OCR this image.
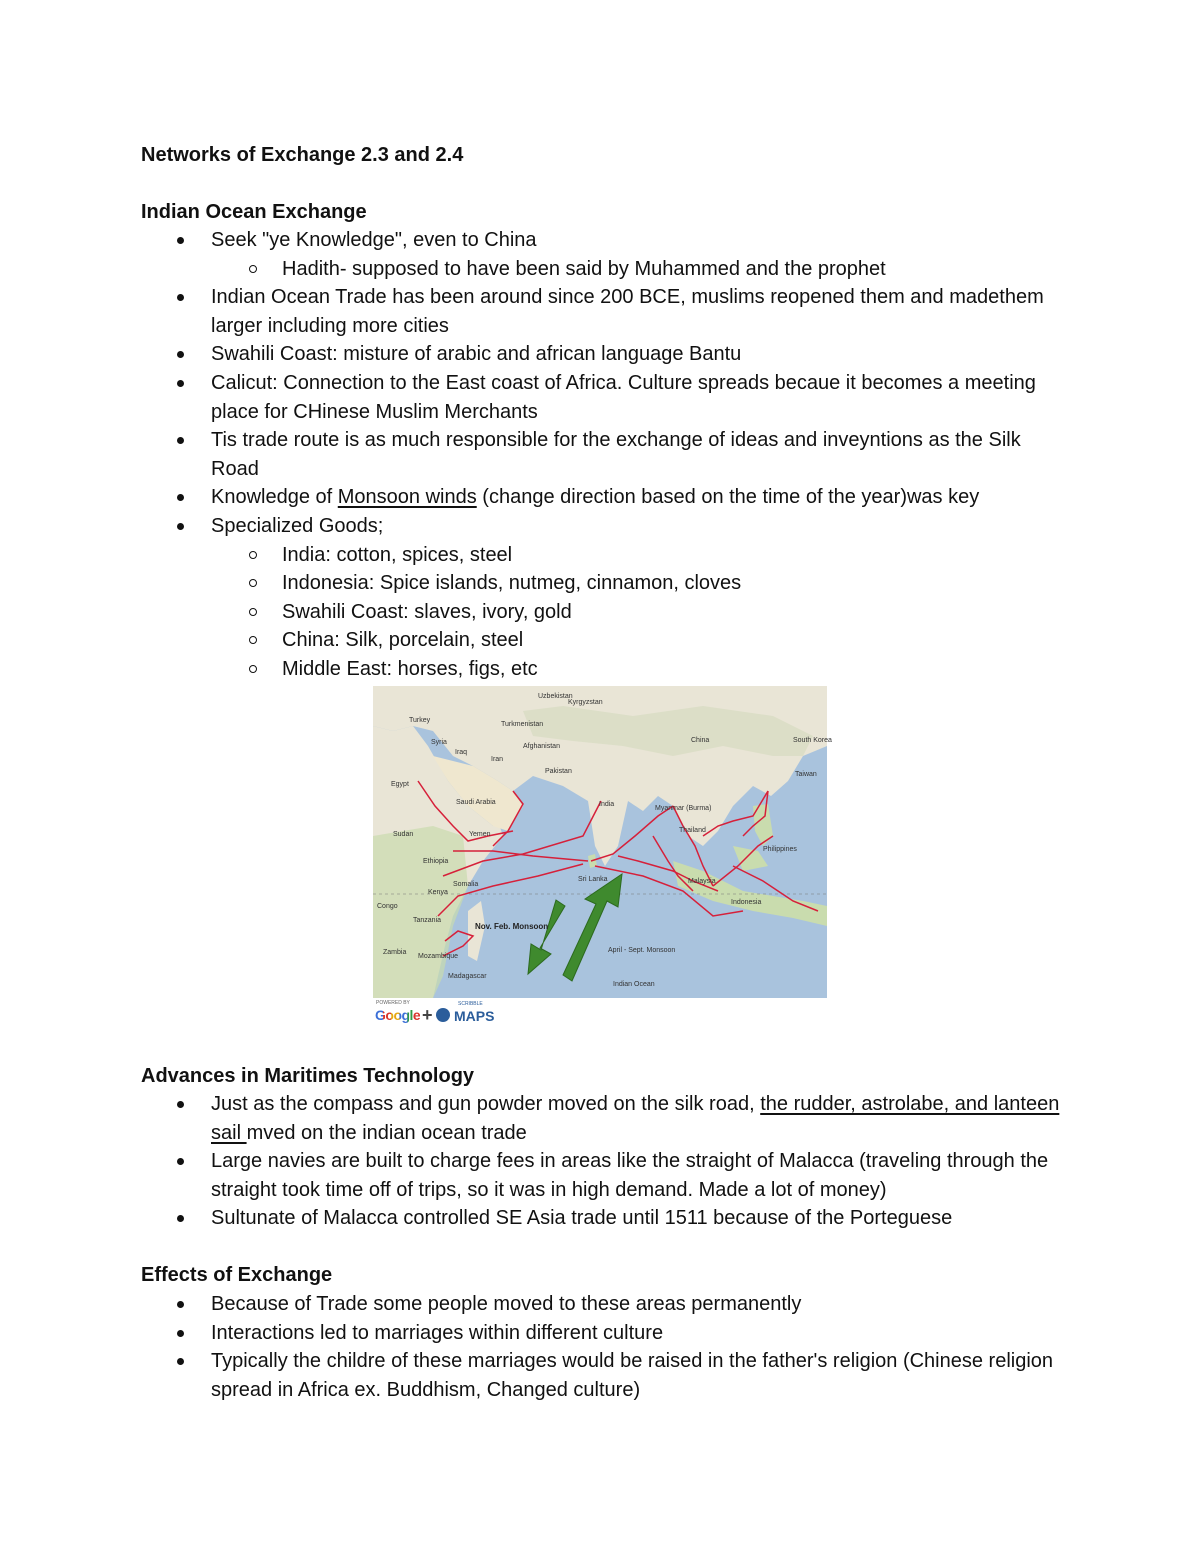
Networks of Exchange 2.3 and 2.4

Indian Ocean Exchange

Seek "ye Knowledge", even to China
Hadith- supposed to have been said by Muhammed and the prophet
Indian Ocean Trade has been around since 200 BCE, muslims reopened them and madethem larger including more cities
Swahili Coast: misture of arabic and african language Bantu
Calicut: Connection to the East coast of Africa. Culture spreads becaue it becomes a meeting place for CHinese Muslim Merchants
Tis trade route is as much responsible for the exchange of ideas and inveуntions as the Silk Road
Knowledge of Monsoon winds (change direction based on the time of the year)was key
Specialized Goods;
India: cotton, spices, steel
Indonesia: Spice islands, nutmeg, cinnamon, cloves
Swahili Coast: slaves, ivory, gold
China: Silk, porcelain, steel
Middle East: horses, figs, etc
Turkey
Uzbekistan
Kyrgyzstan
Turkmenistan
Syria
Iraq
Iran
Afghanistan
Pakistan
China	South Korea
Taiwan
Egypt
Saudi Arabia
Yemen
India
Myanmar (Burma)
Thailand
Philippines
Sudan
Ethiopia
Somalia
Sri Lanka	Malaysia
Kenya
Congo
Tanzania
Indonesia
Zambia
Mozambique
Madagascar
Nov. Feb. Monsoon
April - Sept. Monsoon
Indian Ocean
POWERED BY
Google +
SCRIBBLE
MAPS

Advances in Maritimes Technology

Just as the compass and gun powder moved on the silk road, the rudder, astrolabe, and lanteen sail mved on the indian ocean trade
Large navies are built to charge fees in areas like the straight of Malacca (traveling through the straight took time off of trips, so it was in high demand. Made a lot of money)
Sultunate of Malacca controlled SE Asia trade until 1511 because of the Porteguese

Effects of Exchange

Because of Trade some people moved to these areas permanently
Interactions led to marriages within different culture
Typically the childre of these marriages would be raised in the father's religion (Chinese religion spread in Africa ex. Buddhism, Changed culture)
